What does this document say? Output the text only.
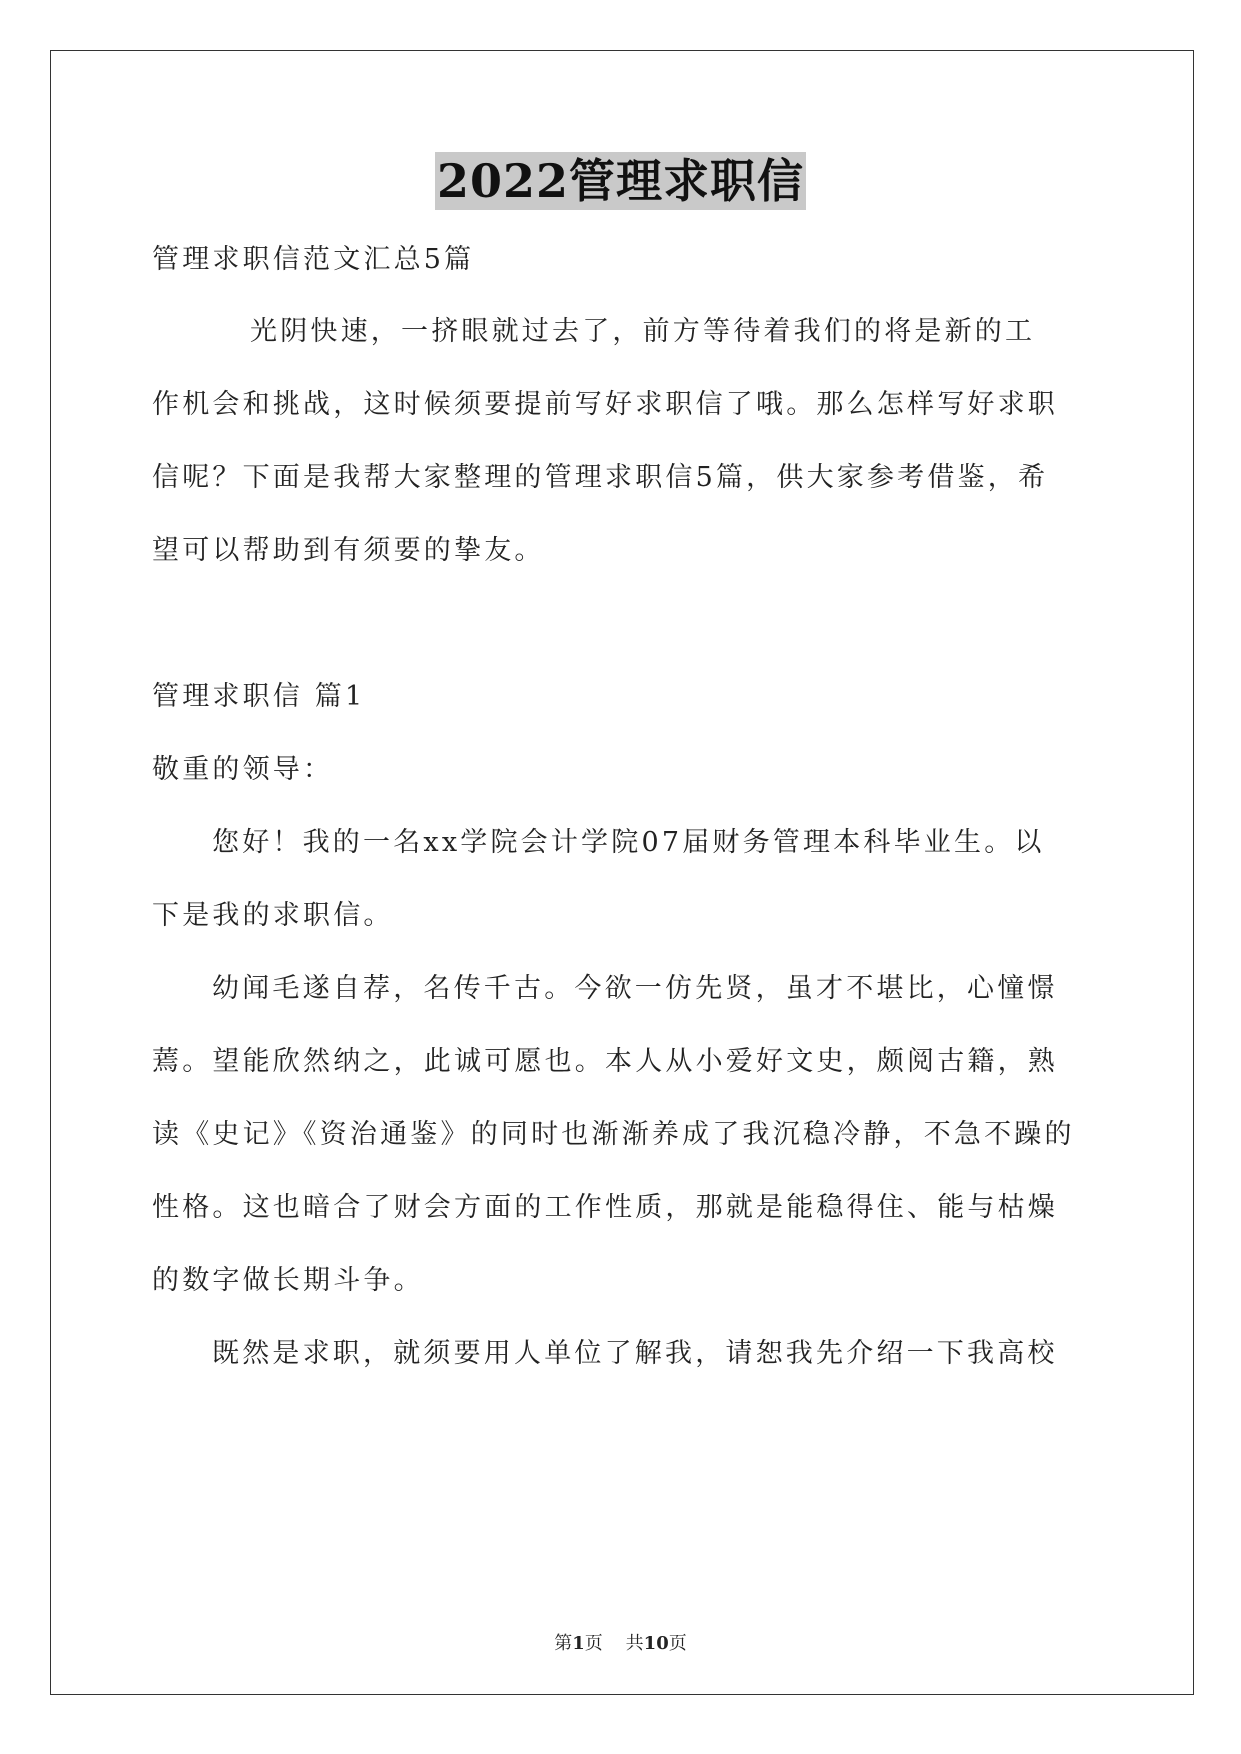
2022管理求职信
管理求职信范文汇总5篇
光阴快速，一挤眼就过去了，前方等待着我们的将是新的工
作机会和挑战，这时候须要提前写好求职信了哦。那么怎样写好求职
信呢？下面是我帮大家整理的管理求职信5篇，供大家参考借鉴，希
望可以帮助到有须要的挚友。
管理求职信 篇1
敬重的领导：
您好！我的一名xx学院会计学院07届财务管理本科毕业生。以
下是我的求职信。
幼闻毛遂自荐，名传千古。今欲一仿先贤，虽才不堪比，心憧憬
蔫。望能欣然纳之，此诚可愿也。本人从小爱好文史，颇阅古籍，熟
读《史记》《资治通鉴》的同时也渐渐养成了我沉稳冷静，不急不躁的
性格。这也暗合了财会方面的工作性质，那就是能稳得住、能与枯燥
的数字做长期斗争。
既然是求职，就须要用人单位了解我，请恕我先介绍一下我高校
第1页    共10页
